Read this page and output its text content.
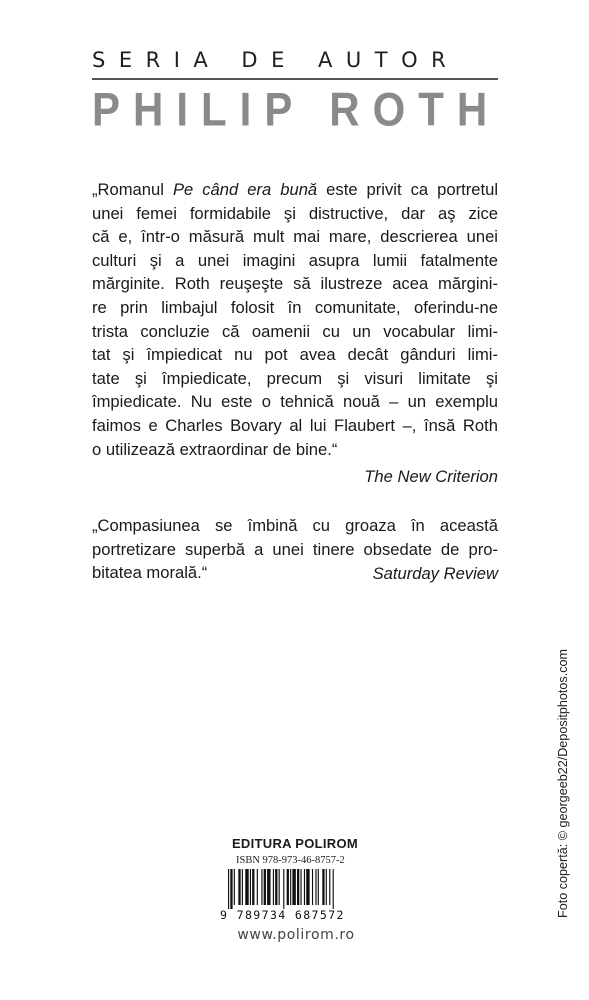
SERIA DE AUTOR
PHILIP ROTH
„Romanul Pe când era bună este privit ca portretul
unei femei formidabile şi distructive, dar aş zice
că e, într-o măsură mult mai mare, descrierea unei
culturi şi a unei imagini asupra lumii fatalmente
mărginite. Roth reuşeşte să ilustreze acea mărgini-
re prin limbajul folosit în comunitate, oferindu-ne
trista concluzie că oamenii cu un vocabular limi-
tat şi împiedicat nu pot avea decât gânduri limi-
tate şi împiedicate, precum şi visuri limitate şi
împiedicate. Nu este o tehnică nouă – un exemplu
faimos e Charles Bovary al lui Flaubert –, însă Roth
o utilizează extraordinar de bine.“
The New Criterion
„Compasiunea se îmbină cu groaza în această
portretizare superbă a unei tinere obsedate de pro-
bitatea morală.“	Saturday Review
Foto copertă: © georgeeb22/Depositphotos.com
EDITURA POLIROM
ISBN 978-973-46-8757-2
9 789734 687572
www.polirom.ro
